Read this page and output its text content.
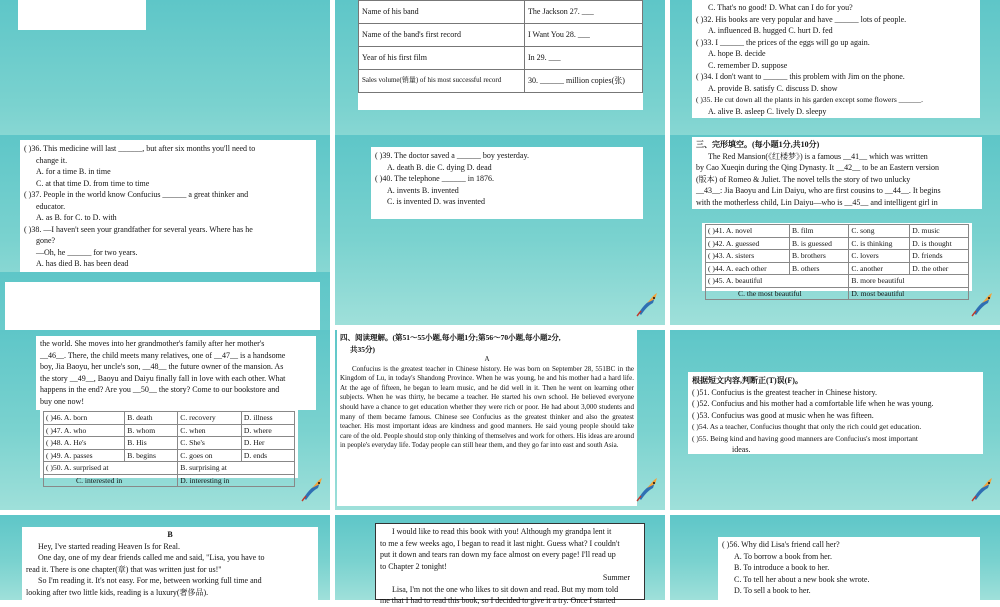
Name of his band	The Jackson 27. ___
Name of the band's first record	I Want You 28. ___
Year of his first film	In 29. ___
Sales volume(销量) of his most successful record	30. ______ million copies(张)

C. That's no good! D. What can I do for you?

( )32. His books are very popular and have ______ lots of people.

A. influenced B. hugged C. hurt D. fed

( )33. I ______ the prices of the eggs will go up again.

A. hope B. decide

C. remember D. suppose

( )34. I don't want to ______ this problem with Jim on the phone.

A. provide B. satisfy C. discuss D. show

( )35. He cut down all the plants in his garden except some flowers ______.

A. alive B. asleep C. lively D. sleepy

( )36. This medicine will last ______, but after six months you'll need to

change it.

A. for a time B. in time

C. at that time D. from time to time

( )37. People in the world know Confucius ______ a great thinker and

educator.

A. as B. for C. to D. with

( )38. —I haven't seen your grandfather for several years. Where has he

gone?

—Oh, he ______ for two years.

A. has died B. has been dead

( )39. The doctor saved a ______ boy yesterday.

A. death B. die C. dying D. dead

( )40. The telephone ______ in 1876.

A. invents B. invented

C. is invented D. was invented

三、完形填空。(每小题1分,共10分)

The Red Mansion(《红楼梦》) is a famous __41__ which was written

by Cao Xueqin during the Qing Dynasty. It __42__ to be an Eastern version

(版本) of Romeo & Juliet. The novel tells the story of two unlucky

__43__: Jia Baoyu and Lin Daiyu, who are first cousins to __44__. It begins

with the motherless child, Lin Daiyu—who is __45__ and intelligent girl in

( )41. A. novel	B. film	C. song	D. music
( )42. A. guessed	B. is guessed	C. is thinking	D. is thought
( )43. A. sisters	B. brothers	C. lovers	D. friends
( )44. A. each other	B. others	C. another	D. the other
( )45. A. beautiful		B. more beautiful	
C. the most beautiful		D. most beautiful	

the world. She moves into her grandmother's family after her mother's

__46__. There, the child meets many relatives, one of __47__ is a handsome

boy, Jia Baoyu, her uncle's son, __48__ the future owner of the mansion. As

the story __49__, Baoyu and Daiyu finally fall in love with each other. What

happens in the end? Are you __50__ the story? Come to our bookstore and

buy one now!

( )46. A. born	B. death	C. recovery	D. illness
( )47. A. who	B. whom	C. when	D. where
( )48. A. He's	B. His	C. She's	D. Her
( )49. A. passes	B. begins	C. goes on	D. ends
( )50. A. surprised at		B. surprising at	
C. interested in		D. interesting in	

四、阅读理解。(第51～55小题,每小题1分;第56～70小题,每小题2分,

共35分)

A

Confucius is the greatest teacher in Chinese history. He was born on September 28, 551BC in the Kingdom of Lu, in today's Shandong Province. When he was young, he and his mother had a hard life. At the age of fifteen, he began to learn music, and he did well in it. Then he went on learning other subjects. When he was thirty, he became a teacher. He started his own school. He believed everyone should have a chance to get education whether they were rich or poor. He had about 3,000 students and many of them became famous. Chinese see Confucius as the greatest thinker and also the greatest teacher. His most important ideas are kindness and good manners. He said young people should take care of the old. People should stop only thinking of themselves and work for others. His ideas are around in people's everyday life. Today people can still hear them, and they go far into east and south Asia.

根据短文内容,判断正(T)误(F)。

( )51. Confucius is the greatest teacher in Chinese history.

( )52. Confucius and his mother had a comfortable life when he was young.

( )53. Confucius was good at music when he was fifteen.

( )54. As a teacher, Confucius thought that only the rich could get education.

( )55. Being kind and having good manners are Confucius's most important

ideas.

B

Hey, I've started reading Heaven Is for Real.

One day, one of my dear friends called me and said, "Lisa, you have to

read it. There is one chapter(章) that was written just for us!"

So I'm reading it. It's not easy. For me, between working full time and

looking after two little kids, reading is a luxury(奢侈品).

I would like to read this book with you! Although my grandpa lent it

to me a few weeks ago, I began to read it last night. Guess what? I couldn't

put it down and tears ran down my face almost on every page! I'll read up

to Chapter 2 tonight!

Summer

Lisa, I'm not the one who likes to sit down and read. But my mom told

me that I had to read this book, so I decided to give it a try. Once I started

( )56. Why did Lisa's friend call her?

A. To borrow a book from her.

B. To introduce a book to her.

C. To tell her about a new book she wrote.

D. To sell a book to her.
